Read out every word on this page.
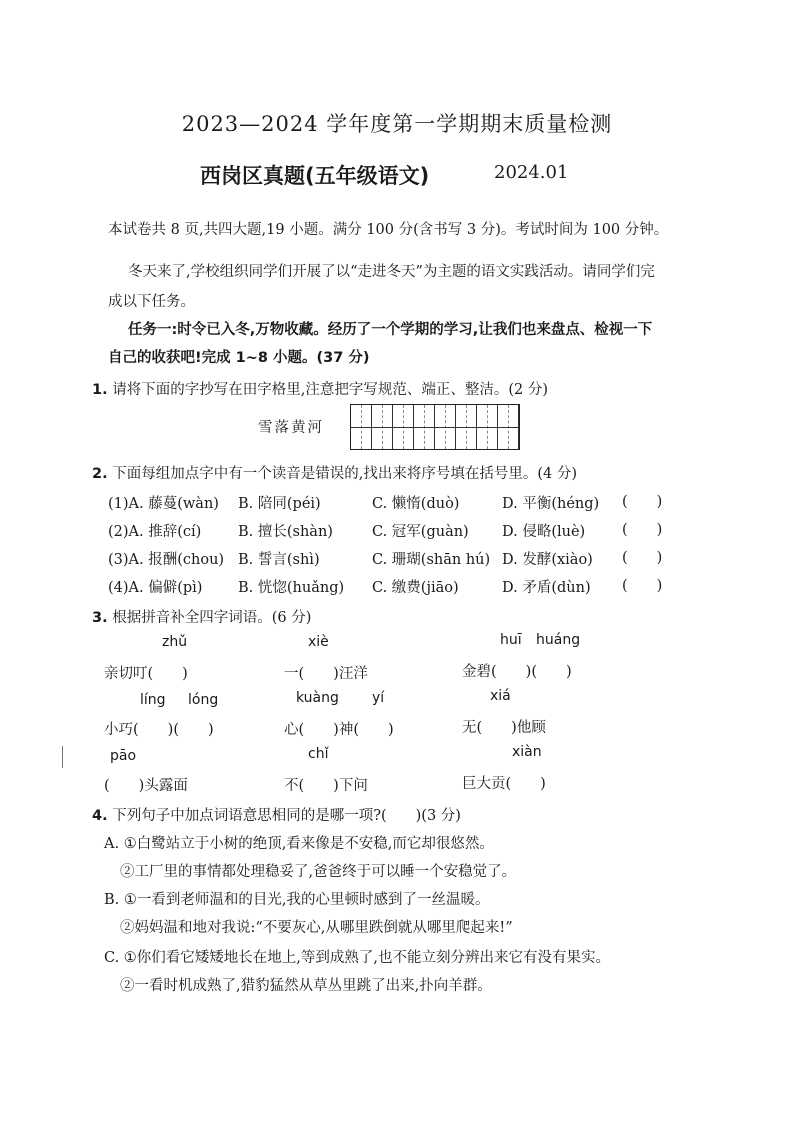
2023—2024 学年度第一学期期末质量检测
西岗区真题(五年级语文)	2024.01
本试卷共 8 页,共四大题,19 小题。满分 100 分(含书写 3 分)。考试时间为 100 分钟。
冬天来了,学校组织同学们开展了以“走进冬天”为主题的语文实践活动。请同学们完
成以下任务。
任务一:时令已入冬,万物收藏。经历了一个学期的学习,让我们也来盘点、检视一下
自己的收获吧!完成 1~8 小题。(37 分)
1. 请将下面的字抄写在田字格里,注意把字写规范、端正、整洁。(2 分)
雪落黄河
2. 下面每组加点字中有一个读音是错误的,找出来将序号填在括号里。(4 分)
(1)A. 藤蔓(wàn) B. 陪同(péi)	C. 懒惰(duò)	D. 平衡(héng) (　　)
(2)A. 推辞(cí)	B. 擅长(shàn)	C. 冠军(guàn) D. 侵略(luè)	(　　)
(3)A. 报酬(chou) B. 誓言(shì)	C. 珊瑚(shān hú) D. 发酵(xiào) (　　)
(4)A. 偏僻(pì) B. 恍惚(huǎng) C. 缴费(jiāo)	D. 矛盾(dùn) (　　)
3. 根据拼音补全四字词语。(6 分)
zhǔ	xiè	huī huáng
亲切叮(　　)	一(　　)汪洋	金碧(　　)(　　)
líng lóng	kuàng yí	xiá
小巧(　　)(　　)	心(　　)神(　　)	无(　　)他顾
pāo	chǐ	xiàn
(　　)头露面	不(　　)下问	巨大贡(　　)
4. 下列句子中加点词语意思相同的是哪一项?(　　)(3 分)
A. ①白鹭站立于小树的绝顶,看来像是不安稳,而它却很悠然。
②工厂里的事情都处理稳妥了,爸爸终于可以睡一个安稳觉了。
B. ①一看到老师温和的目光,我的心里顿时感到了一丝温暖。
②妈妈温和地对我说:“不要灰心,从哪里跌倒就从哪里爬起来!”
C. ①你们看它矮矮地长在地上,等到成熟了,也不能立刻分辨出来它有没有果实。
②一看时机成熟了,猎豹猛然从草丛里跳了出来,扑向羊群。
